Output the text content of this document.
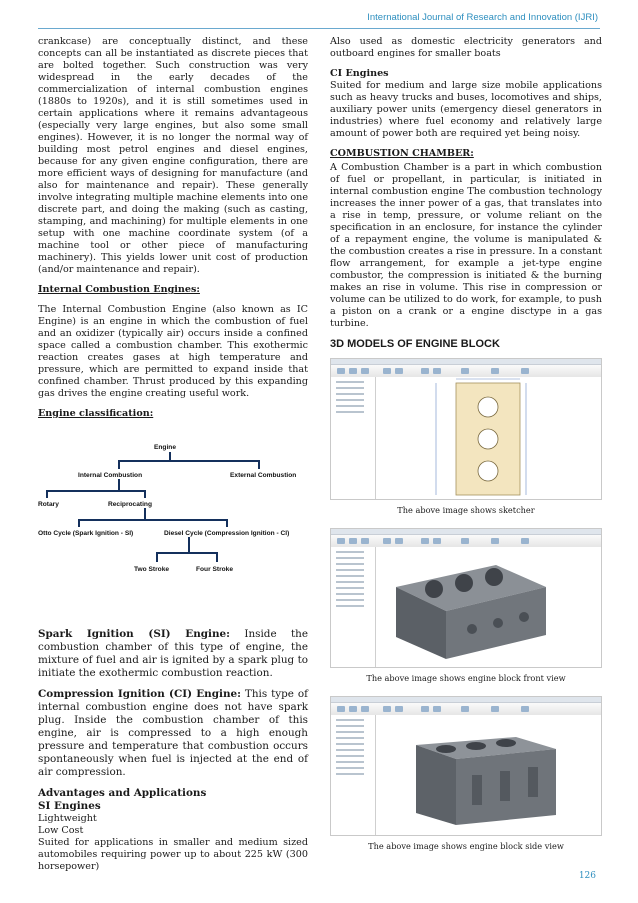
International Journal of Research and Innovation (IJRI)

crankcase) are conceptually distinct, and these concepts can all be instantiated as discrete pieces that are bolted together. Such construction was very widespread in the early decades of the commercialization of internal combustion engines (1880s to 1920s), and it is still sometimes used in certain applications where it remains advantageous (especially very large engines, but also some small engines). However, it is no longer the normal way of building most petrol engines and diesel engines, because for any given engine configuration, there are more efficient ways of designing for manufacture (and also for maintenance and repair). These generally involve integrating multiple machine elements into one discrete part, and doing the making (such as casting, stamping, and machining) for multiple elements in one setup with one machine coordinate system (of a machine tool or other piece of manufacturing machinery). This yields lower unit cost of production (and/or maintenance and repair).

Internal Combustion Engines:

The Internal Combustion Engine (also known as IC Engine) is an engine in which the combustion of fuel and an oxidizer (typically air) occurs inside a confined space called a combustion chamber. This exothermic reaction creates gases at high temperature and pressure, which are permitted to expand inside that confined chamber. Thrust produced by this expanding gas drives the engine creating useful work.

Engine classification:

Engine
Internal Combustion	External Combustion
Rotary	Reciprocating
Otto Cycle (Spark Ignition - SI)	Diesel Cycle (Compression Ignition - CI)
Two Stroke	Four Stroke

Spark Ignition (SI) Engine: Inside the combustion chamber of this type of engine, the mixture of fuel and air is ignited by a spark plug to initiate the exothermic combustion reaction.

Compression Ignition (CI) Engine: This type of internal combustion engine does not have spark plug. Inside the combustion chamber of this engine, air is compressed to a high enough pressure and temperature that combustion occurs spontaneously when fuel is injected at the end of air compression.

Advantages and Applications
SI Engines
Lightweight
Low Cost
Suited for applications in smaller and medium sized automobiles requiring power up to about 225 kW (300 horsepower)

Also used as domestic electricity generators and outboard engines for smaller boats

CI Engines

Suited for medium and large size mobile applications such as heavy trucks and buses, locomotives and ships, auxiliary power units (emergency diesel generators in industries) where fuel economy and relatively large amount of power both are required yet being noisy.

COMBUSTION CHAMBER:

A Combustion Chamber is a part in which combustion of fuel or propellant, in particular, is initiated in internal combustion engine The combustion technology increases the inner power of a gas, that translates into a rise in temp, pressure, or volume reliant on the specification in an enclosure, for instance the cylinder of a repayment engine, the volume is manipulated & the combustion creates a rise in pressure. In a constant flow arrangement, for example a jet-type engine combustor, the compression is initiated & the burning makes an rise in volume. This rise in compression or volume can be utilized to do work, for example, to push a piston on a crank or a engine disctype in a gas turbine.

3D MODELS OF ENGINE BLOCK

The above image shows sketcher
The above image shows engine block front view
The above image shows engine block side view
126
